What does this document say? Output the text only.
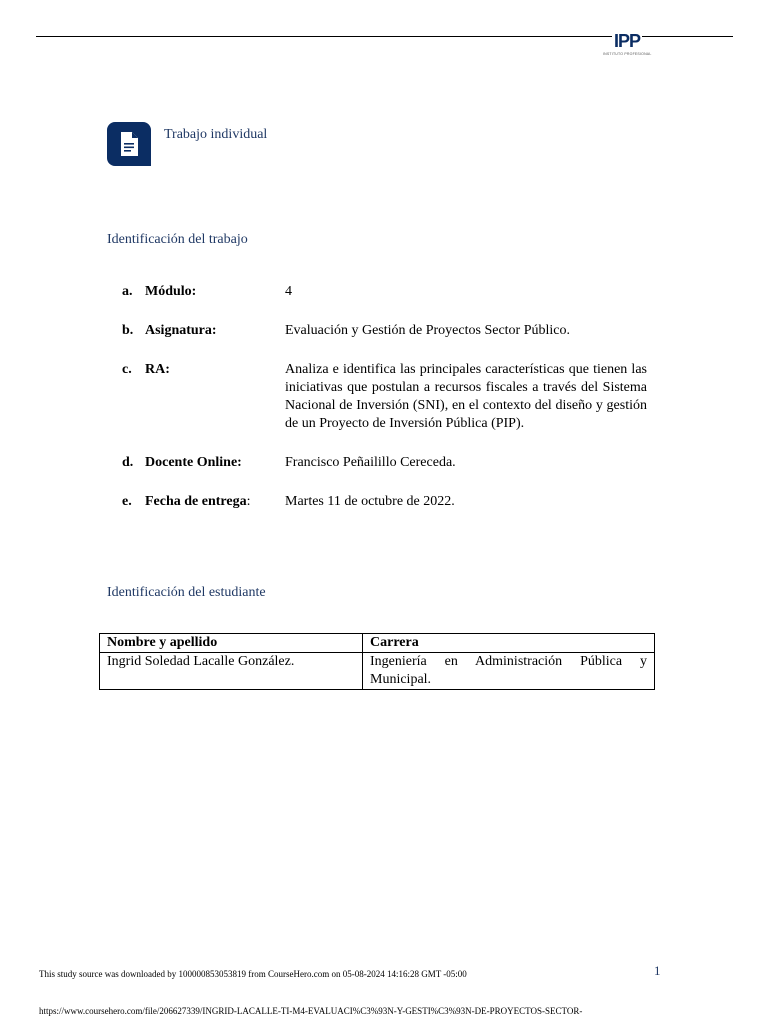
IPP
INSTITUTO PROFESIONAL
Trabajo individual
Identificación del trabajo
a. Módulo:	4
b. Asignatura:	Evaluación y Gestión de Proyectos Sector Público.
c. RA:	Analiza e identifica las principales características que tienen las iniciativas que postulan a recursos fiscales a través del Sistema Nacional de Inversión (SNI), en el contexto del diseño y gestión de un Proyecto de Inversión Pública (PIP).
d. Docente Online:	Francisco Peñailillo Cereceda.
e. Fecha de entrega: Martes 11 de octubre de 2022.
Identificación del estudiante
Nombre y apellido	Carrera
Ingrid Soledad Lacalle González.	Ingeniería en Administración Pública y Municipal.
This study source was downloaded by 100000853053819 from CourseHero.com on 05-08-2024 14:16:28 GMT -05:00	1
https://www.coursehero.com/file/206627339/INGRID-LACALLE-TI-M4-EVALUACI%C3%93N-Y-GESTI%C3%93N-DE-PROYECTOS-SECTOR-
